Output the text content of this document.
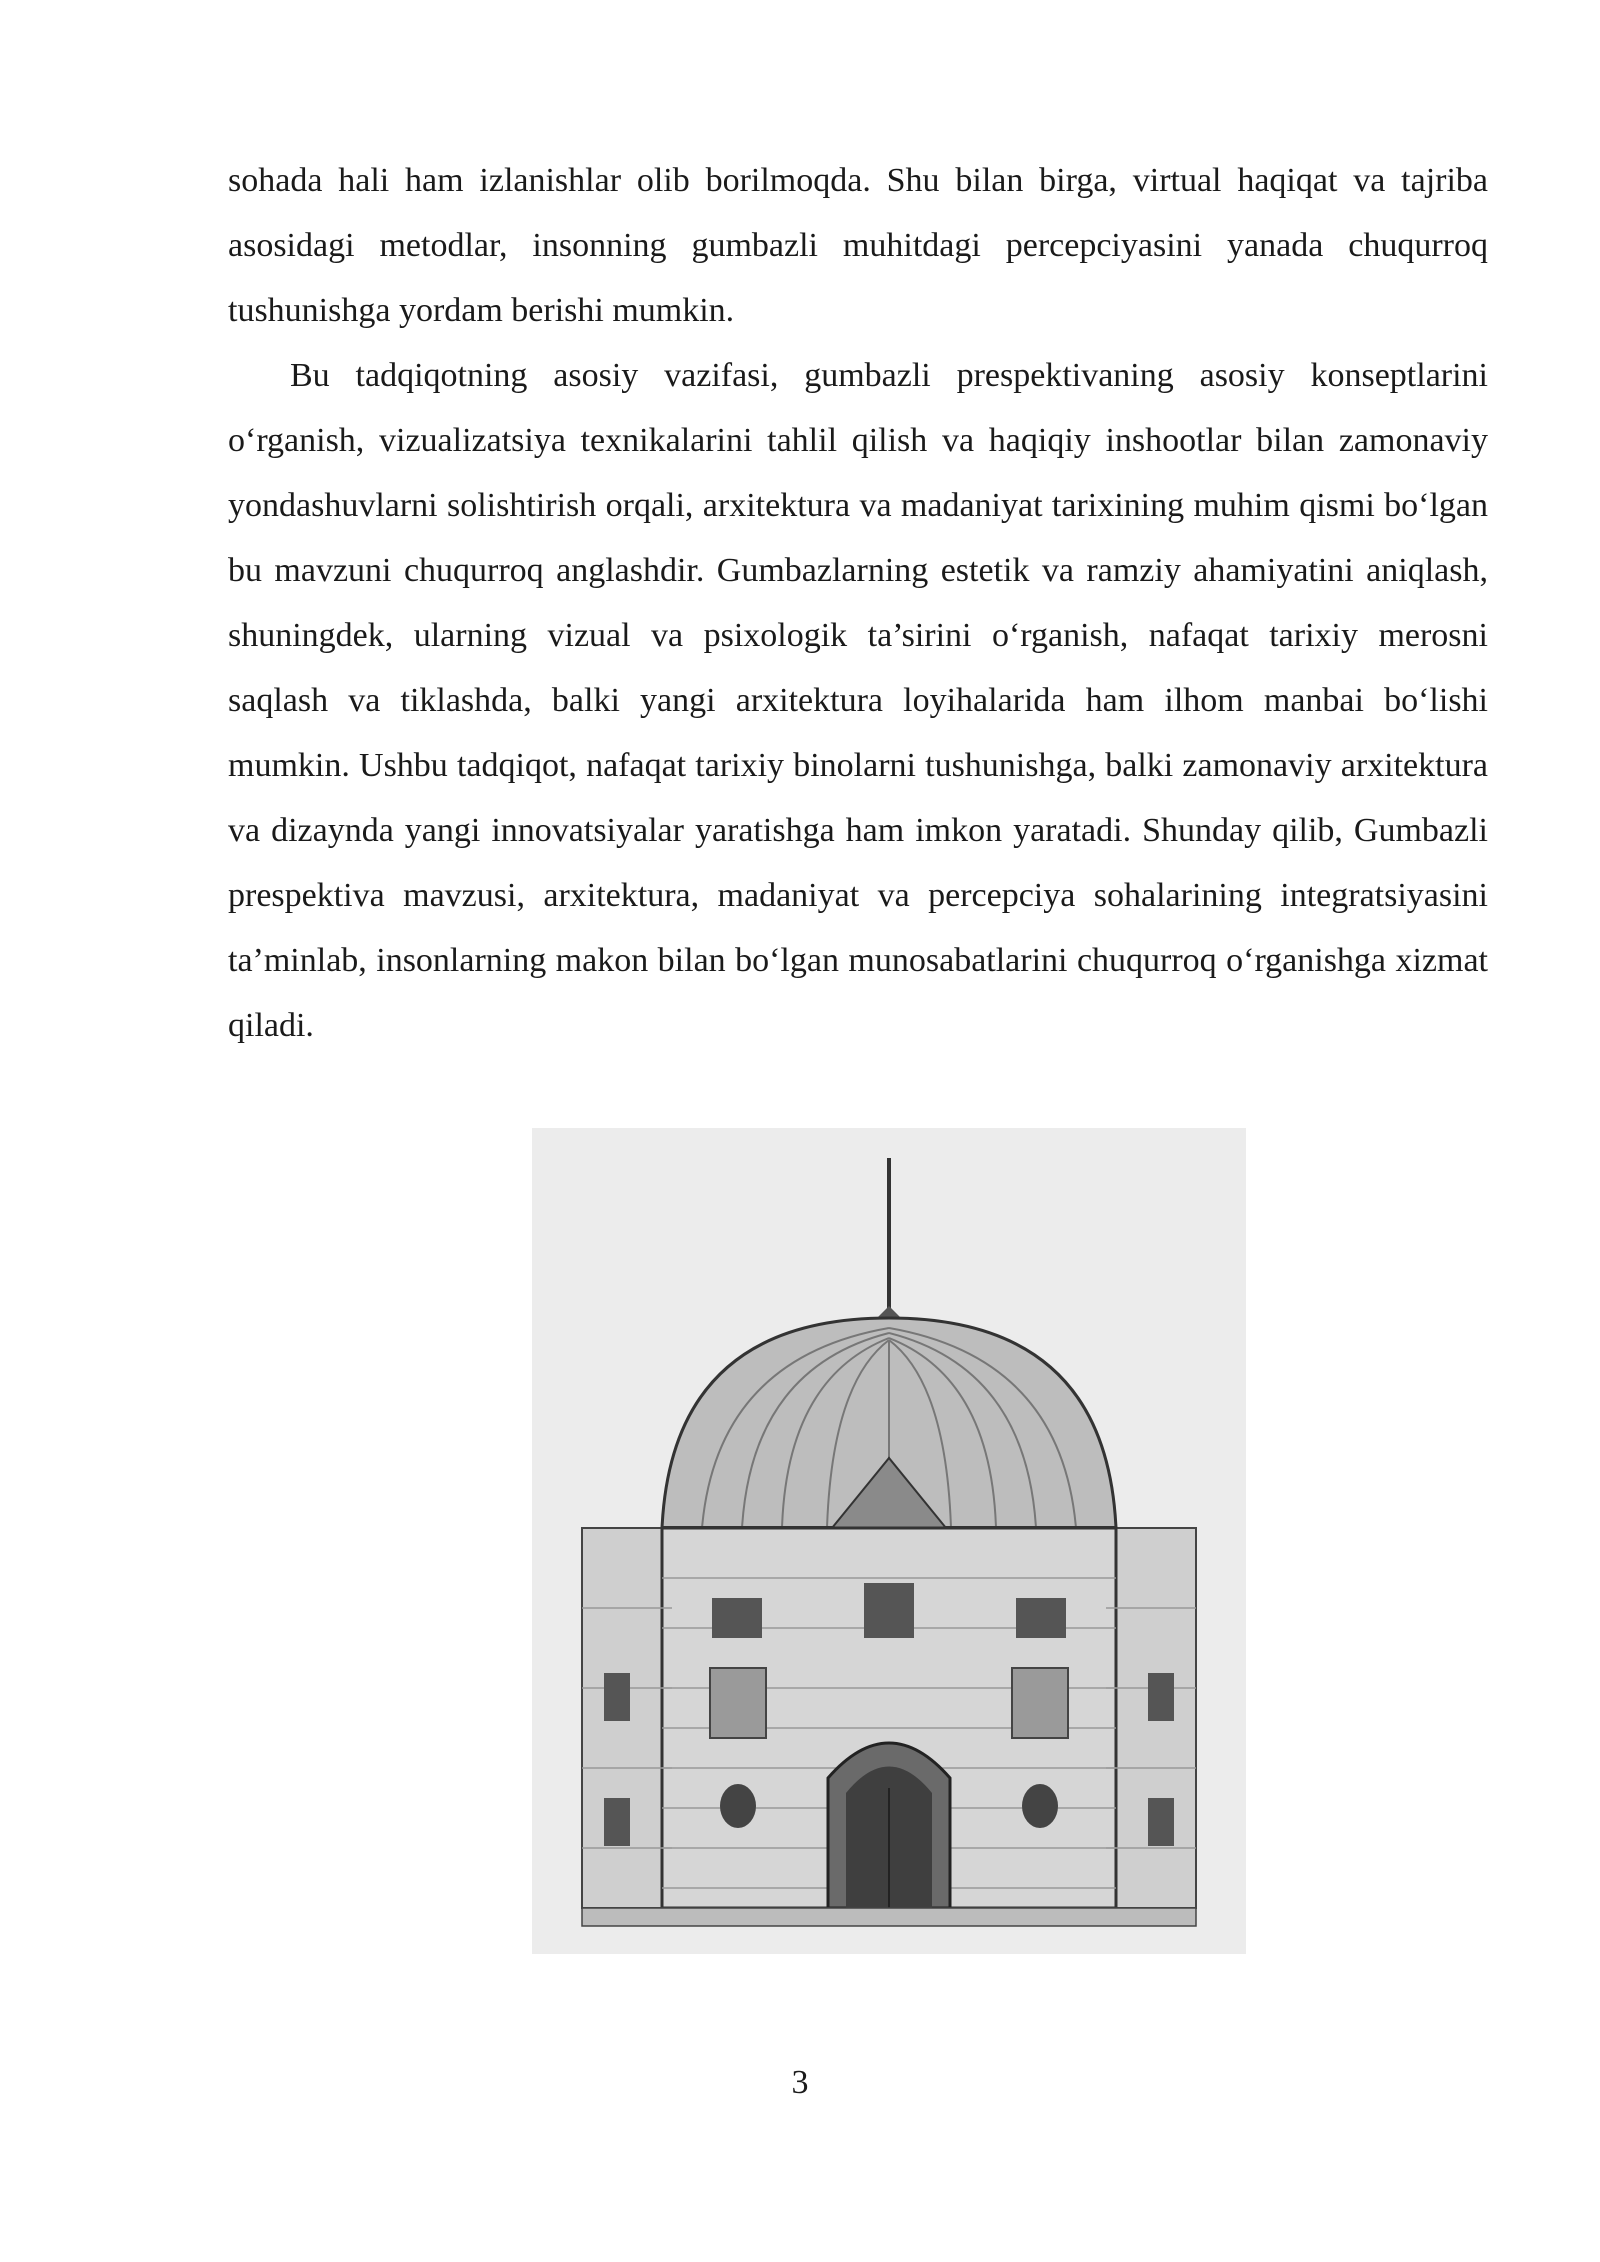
sohada hali ham izlanishlar olib borilmoqda. Shu bilan birga, virtual haqiqat va tajriba asosidagi metodlar, insonning gumbazli muhitdagi percepciyasini yanada chuqurroq tushunishga yordam berishi mumkin.

Bu tadqiqotning asosiy vazifasi, gumbazli prespektivaning asosiy konseptlarini o‘rganish, vizualizatsiya texnikalarini tahlil qilish va haqiqiy inshootlar bilan zamonaviy yondashuvlarni solishtirish orqali, arxitektura va madaniyat tarixining muhim qismi bo‘lgan bu mavzuni chuqurroq anglashdir. Gumbazlarning estetik va ramziy ahamiyatini aniqlash, shuningdek, ularning vizual va psixologik ta’sirini o‘rganish, nafaqat tarixiy merosni saqlash va tiklashda, balki yangi arxitektura loyihalarida ham ilhom manbai bo‘lishi mumkin. Ushbu tadqiqot, nafaqat tarixiy binolarni tushunishga, balki zamonaviy arxitektura va dizaynda yangi innovatsiyalar yaratishga ham imkon yaratadi. Shunday qilib, Gumbazli prespektiva mavzusi, arxitektura, madaniyat va percepciya sohalarining integratsiyasini ta’minlab, insonlarning makon bilan bo‘lgan munosabatlarini chuqurroq o‘rganishga xizmat qiladi.

3
